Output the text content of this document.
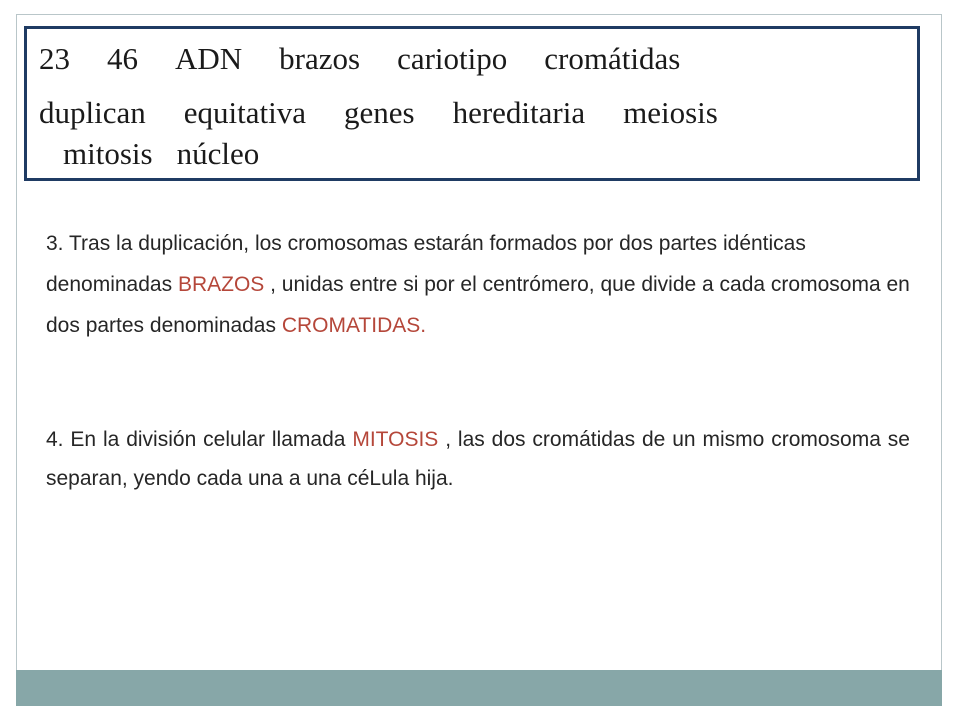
23 46 ADN brazos cariotipo cromátidas
duplican equitativa genes hereditaria meiosis
mitosis núcleo

3. Tras la duplicación, los cromosomas estarán formados por dos partes idénticas denominadas BRAZOS , unidas entre si por el centrómero, que divide a cada cromosoma en dos partes denominadas CROMATIDAS.

4. En la división celular llamada MITOSIS , las dos cromátidas de un mismo cromosoma se separan, yendo cada una a una céLula hija.
